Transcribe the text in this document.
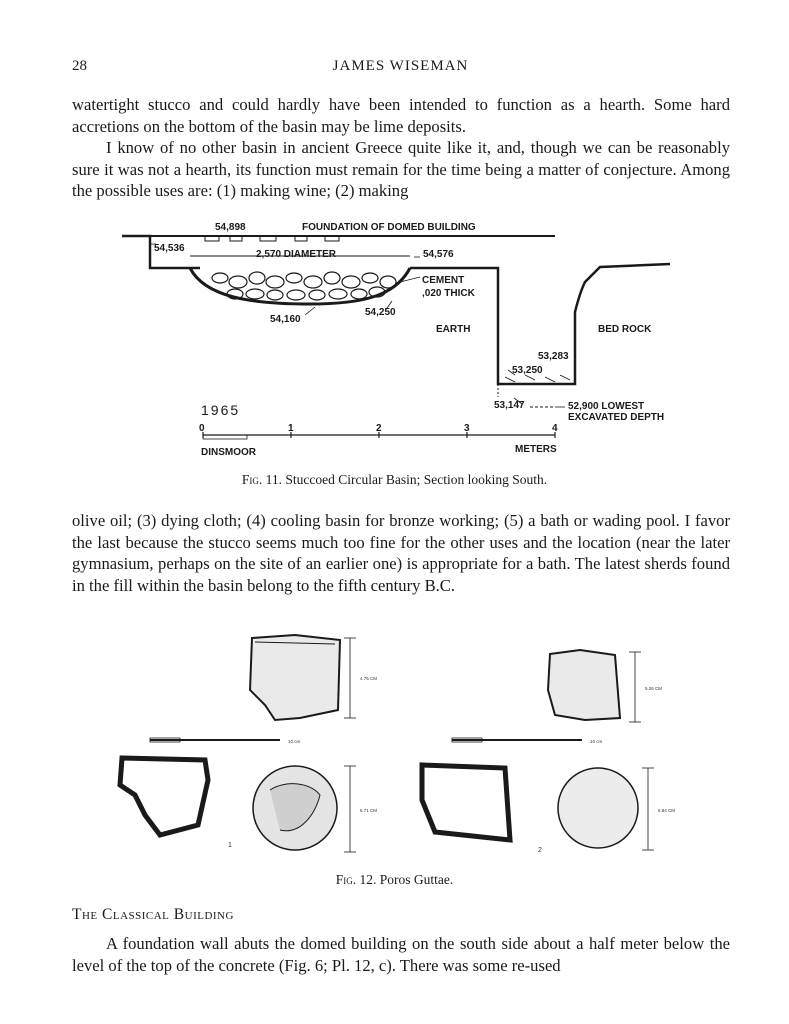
28	JAMES WISEMAN

watertight stucco and could hardly have been intended to function as a hearth. Some hard accretions on the bottom of the basin may be lime deposits.

I know of no other basin in ancient Greece quite like it, and, though we can be reasonably sure it was not a hearth, its function must remain for the time being a matter of conjecture. Among the possible uses are: (1) making wine; (2) making

54,898	FOUNDATION OF DOMED BUILDING
54,536
2,570 DIAMETER	54,576
CEMENT
,020 THICK
54,160
54,250
EARTH	BED ROCK
53,283
53,250
53,147	52,900 LOWEST
EXCAVATED DEPTH
1965
0	1	2	3	4
DINSMOOR	METERS
Fig. 11. Stuccoed Circular Basin; Section looking South.

olive oil; (3) dying cloth; (4) cooling basin for bronze working; (5) a bath or wading pool. I favor the last because the stucco seems much too fine for the other uses and the location (near the later gymnasium, perhaps on the site of an earlier one) is appropriate for a bath. The latest sherds found in the fill within the basin belong to the fifth century B.C.

10 cm	10 cm
4.75 CM
6.71 CM
5.26 CM
6.84 CM
1
2
Fig. 12. Poros Guttae.
The Classical Building

A foundation wall abuts the domed building on the south side about a half meter below the level of the top of the concrete (Fig. 6; Pl. 12, c). There was some re-used
